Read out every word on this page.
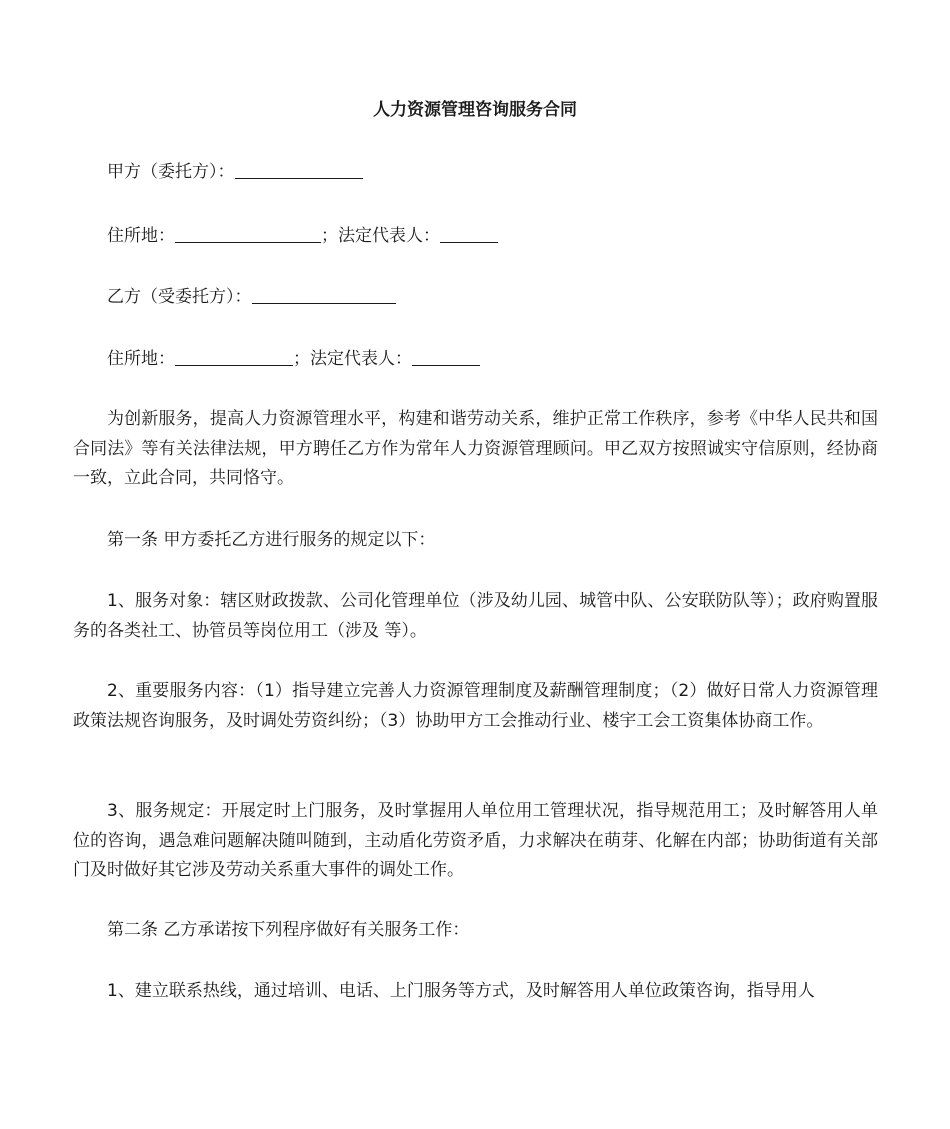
人力资源管理咨询服务合同

甲方（委托方）：

住所地：	；法定代表人：

乙方（受委托方）：

住所地：	；法定代表人：

为创新服务，提高人力资源管理水平，构建和谐劳动关系，维护正常工作秩序，参考《中华人民共和国合同法》等有关法律法规，甲方聘任乙方作为常年人力资源管理顾问。甲乙双方按照诚实守信原则，经协商一致，立此合同，共同恪守。

第一条 甲方委托乙方进行服务的规定以下：

1、服务对象：辖区财政拨款、公司化管理单位（涉及幼儿园、城管中队、公安联防队等）；政府购置服务的各类社工、协管员等岗位用工（涉及 等）。

2、重要服务内容：（1）指导建立完善人力资源管理制度及薪酬管理制度；（2）做好日常人力资源管理政策法规咨询服务，及时调处劳资纠纷；（3）协助甲方工会推动行业、楼宇工会工资集体协商工作。

3、服务规定：开展定时上门服务，及时掌握用人单位用工管理状况，指导规范用工；及时解答用人单位的咨询，遇急难问题解决随叫随到，主动盾化劳资矛盾，力求解决在萌芽、化解在内部；协助街道有关部门及时做好其它涉及劳动关系重大事件的调处工作。

第二条 乙方承诺按下列程序做好有关服务工作：

1、建立联系热线，通过培训、电话、上门服务等方式，及时解答用人单位政策咨询，指导用人
